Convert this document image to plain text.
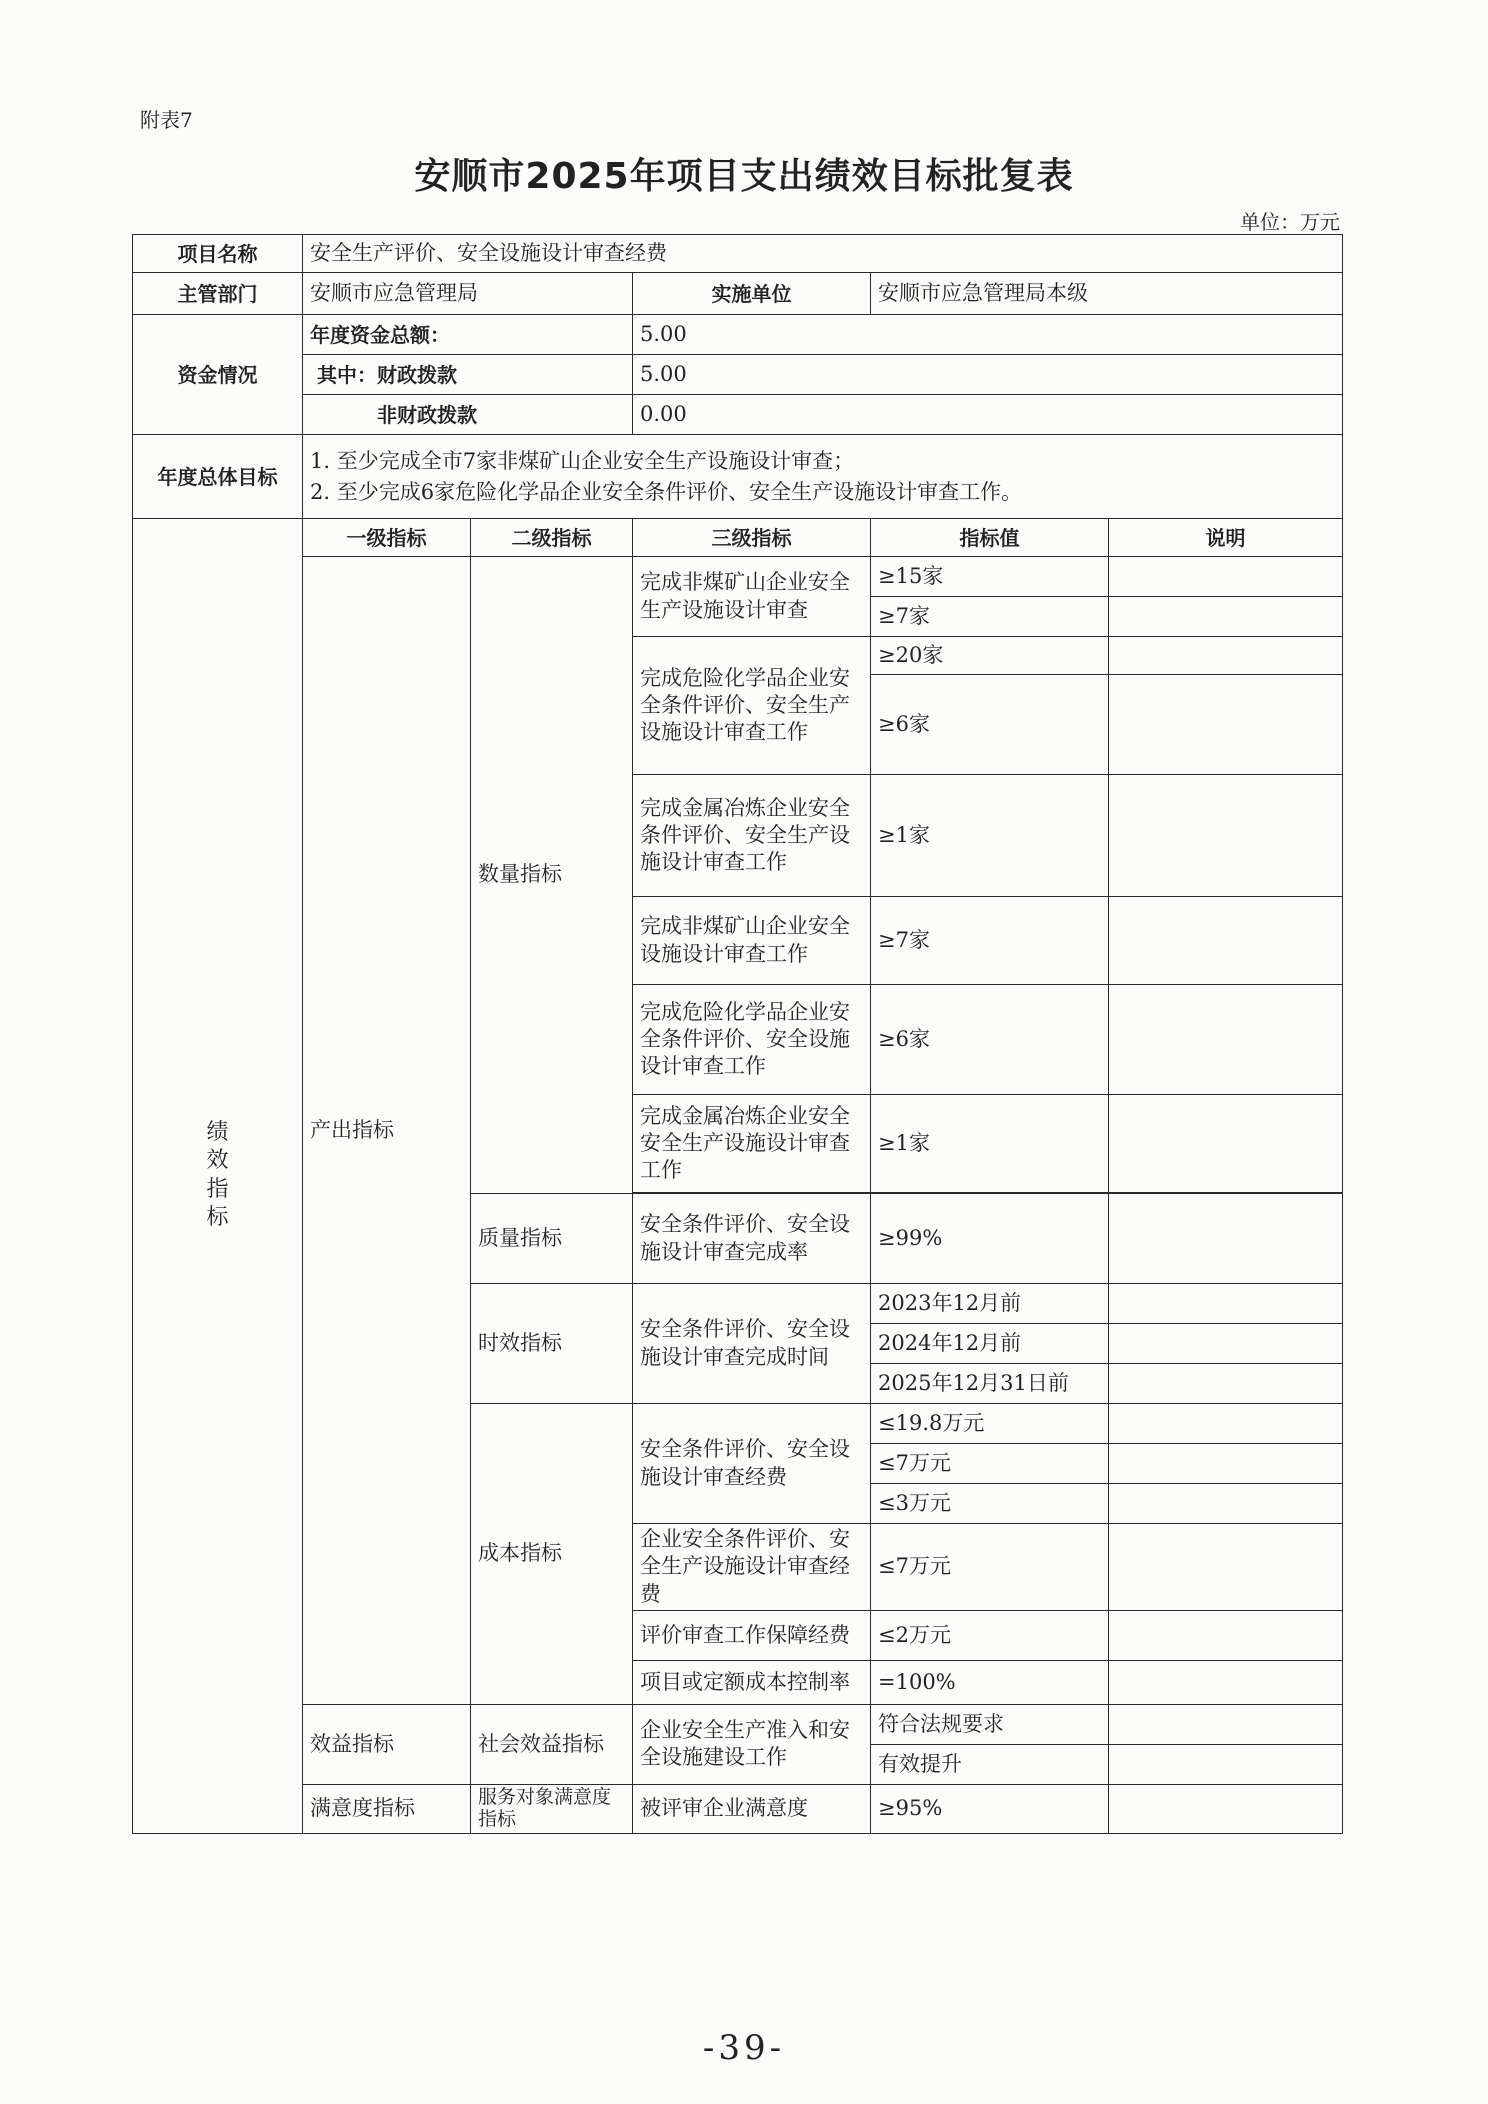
附表7
安顺市2025年项目支出绩效目标批复表
单位：万元
项目名称	安全生产评价、安全设施设计审查经费				
主管部门	安顺市应急管理局		实施单位	安顺市应急管理局本级	
资金情况	年度资金总额：		5.00		
	其中：财政拨款		5.00		
	非财政拨款		0.00		
年度总体目标	1. 至少完成全市7家非煤矿山企业安全生产设施设计审查；
2. 至少完成6家危险化学品企业安全条件评价、安全生产设施设计审查工作。				

绩效指标	一级指标	二级指标	三级指标	指标值	说明
	产出指标	数量指标	完成非煤矿山企业安全生产设施设计审查	≥15家	
				≥7家	
			完成危险化学品企业安全条件评价、安全生产设施设计审查工作	≥20家	
				≥6家	
			完成金属冶炼企业安全条件评价、安全生产设施设计审查工作	≥1家	
			完成非煤矿山企业安全设施设计审查工作	≥7家	
			完成危险化学品企业安全条件评价、安全设施设计审查工作	≥6家	
			完成金属冶炼企业安全安全生产设施设计审查工作	≥1家	

		质量指标	安全条件评价、安全设施设计审查完成率	≥99%	
		时效指标	安全条件评价、安全设施设计审查完成时间	2023年12月前	
				2024年12月前	
				2025年12月31日前	
		成本指标	安全条件评价、安全设施设计审查经费	≤19.8万元	
				≤7万元	
				≤3万元	
			企业安全条件评价、安全生产设施设计审查经费	≤7万元	
			评价审查工作保障经费	≤2万元	
			项目或定额成本控制率	=100%	
	效益指标	社会效益指标	企业安全生产准入和安全设施建设工作	符合法规要求	
				有效提升	
	满意度指标	服务对象满意度指标	被评审企业满意度	≥95%	
-39-
